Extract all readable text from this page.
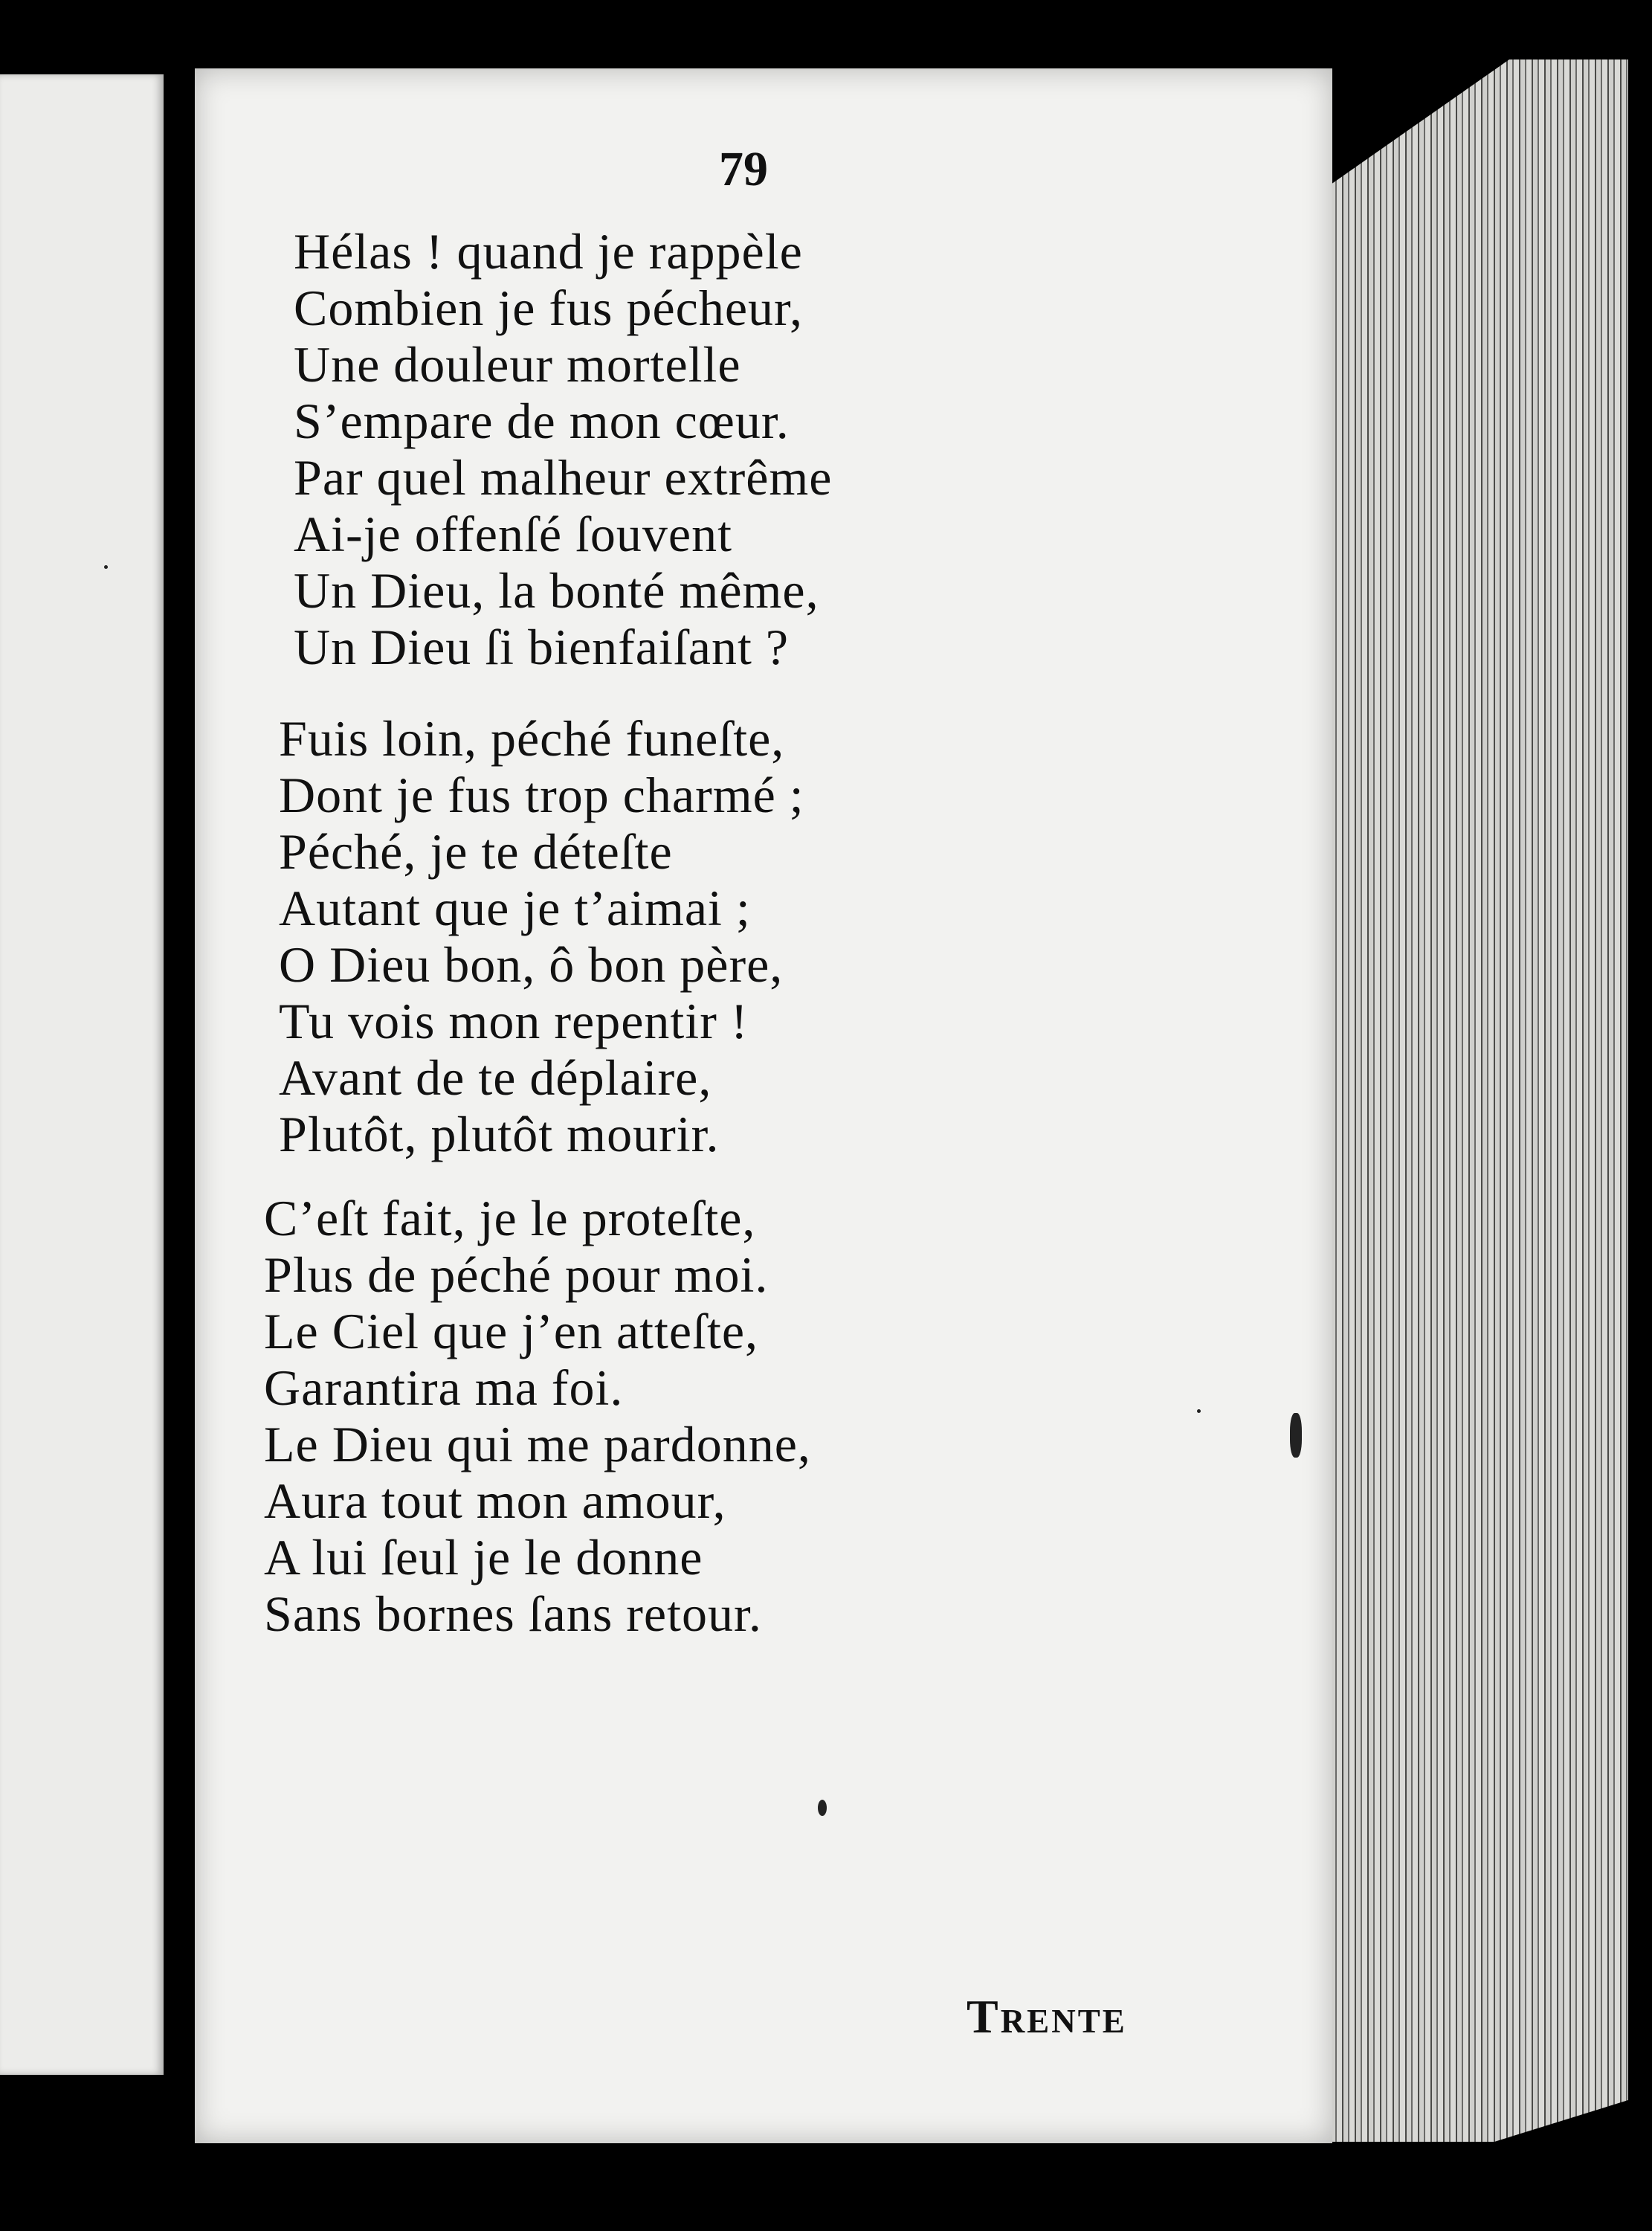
79
Hélas ! quand je rappèle
Combien je fus pécheur,
Une douleur mortelle
S’empare de mon cœur.
Par quel malheur extrême
Ai-je offenſé ſouvent
Un Dieu, la bonté même,
Un Dieu ſi bienfaiſant ?
Fuis loin, péché funeſte,
Dont je fus trop charmé ;
Péché, je te déteſte
Autant que je t’aimai ;
O Dieu bon, ô bon père,
Tu vois mon repentir !
Avant de te déplaire,
Plutôt, plutôt mourir.
C’eſt fait, je le proteſte,
Plus de péché pour moi.
Le Ciel que j’en atteſte,
Garantira ma foi.
Le Dieu qui me pardonne,
Aura tout mon amour,
A lui ſeul je le donne
Sans bornes ſans retour.
Trente
